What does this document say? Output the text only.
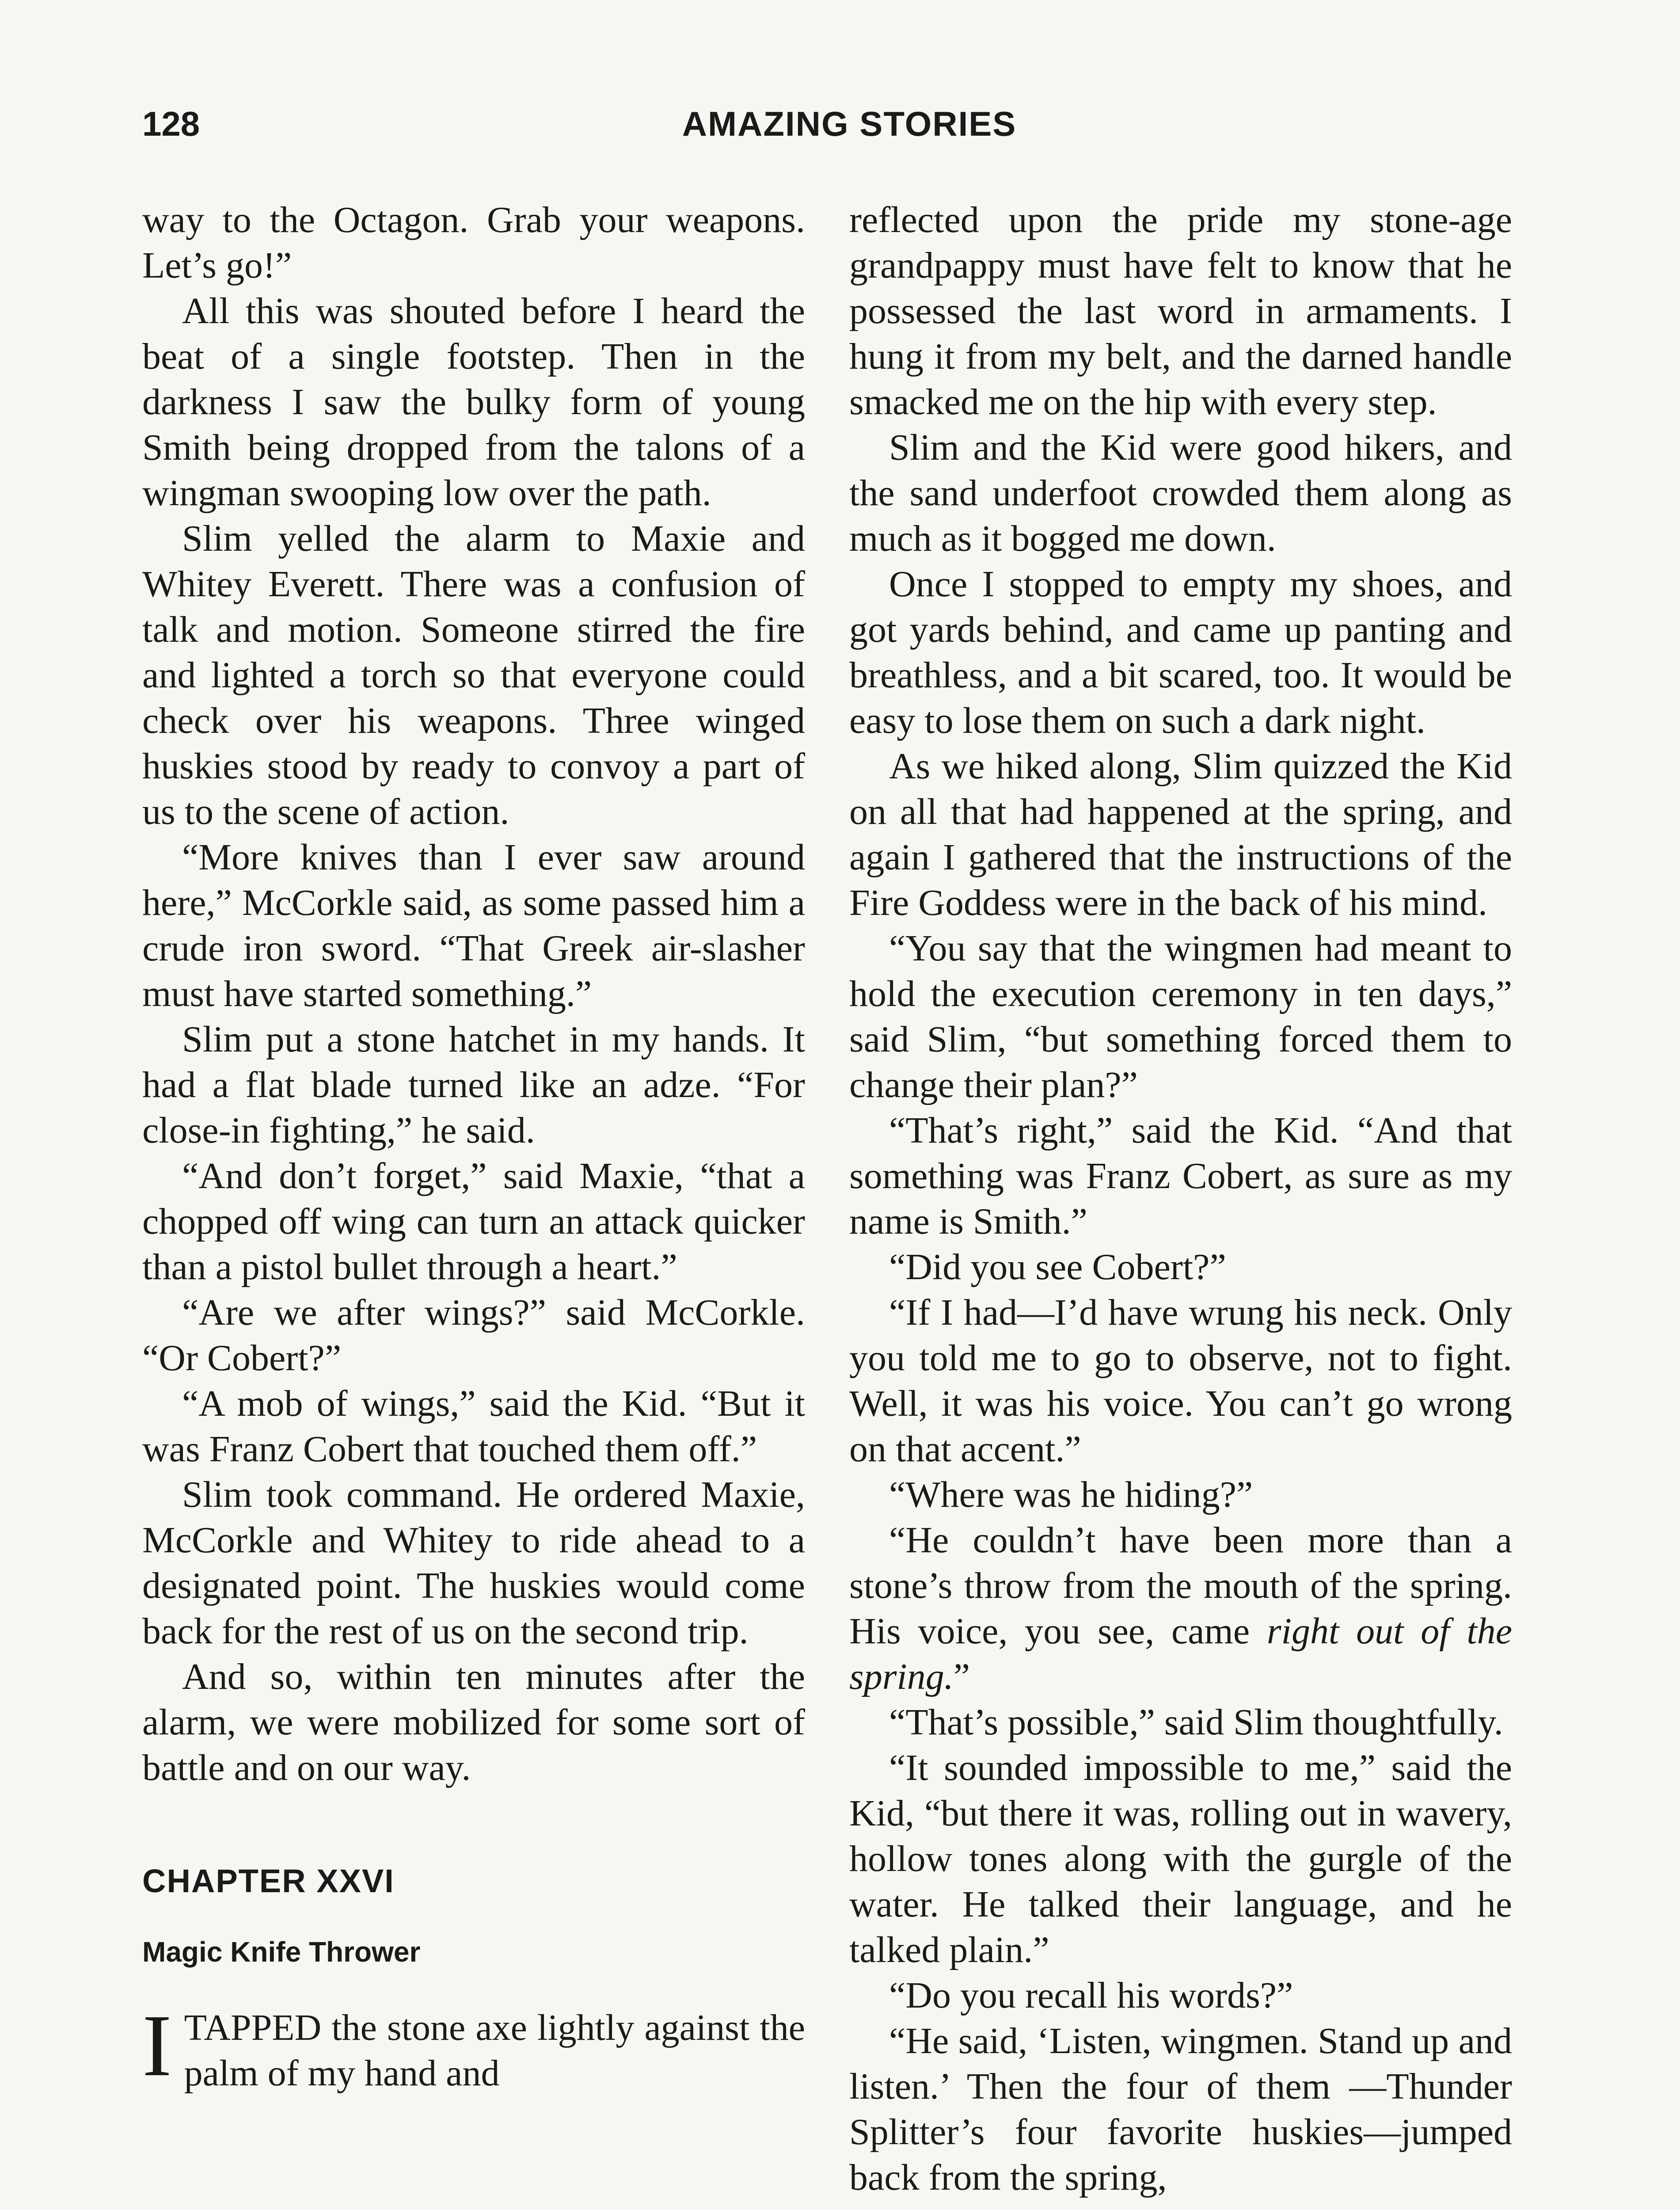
128	AMAZING STORIES

way to the Octagon. Grab your weapons. Let’s go!”

All this was shouted before I heard the beat of a single footstep. Then in the darkness I saw the bulky form of young Smith being dropped from the talons of a wingman swooping low over the path.

Slim yelled the alarm to Maxie and Whitey Everett. There was a confusion of talk and motion. Someone stirred the fire and lighted a torch so that everyone could check over his weapons. Three winged huskies stood by ready to convoy a part of us to the scene of action.

“More knives than I ever saw around here,” McCorkle said, as some passed him a crude iron sword. “That Greek air-slasher must have started something.”

Slim put a stone hatchet in my hands. It had a flat blade turned like an adze. “For close-in fighting,” he said.

“And don’t forget,” said Maxie, “that a chopped off wing can turn an attack quicker than a pistol bullet through a heart.”

“Are we after wings?” said McCorkle. “Or Cobert?”

“A mob of wings,” said the Kid. “But it was Franz Cobert that touched them off.”

Slim took command. He ordered Maxie, McCorkle and Whitey to ride ahead to a designated point. The huskies would come back for the rest of us on the second trip.

And so, within ten minutes after the alarm, we were mobilized for some sort of battle and on our way.

CHAPTER XXVI
Magic Knife Thrower

ITAPPED the stone axe lightly against the palm of my hand and

reflected upon the pride my stone-age grandpappy must have felt to know that he possessed the last word in armaments. I hung it from my belt, and the darned handle smacked me on the hip with every step.

Slim and the Kid were good hikers, and the sand underfoot crowded them along as much as it bogged me down.

Once I stopped to empty my shoes, and got yards behind, and came up panting and breathless, and a bit scared, too. It would be easy to lose them on such a dark night.

As we hiked along, Slim quizzed the Kid on all that had happened at the spring, and again I gathered that the instructions of the Fire Goddess were in the back of his mind.

“You say that the wingmen had meant to hold the execution ceremony in ten days,” said Slim, “but something forced them to change their plan?”

“That’s right,” said the Kid. “And that something was Franz Cobert, as sure as my name is Smith.”

“Did you see Cobert?”

“If I had—I’d have wrung his neck. Only you told me to go to observe, not to fight. Well, it was his voice. You can’t go wrong on that accent.”

“Where was he hiding?”

“He couldn’t have been more than a stone’s throw from the mouth of the spring. His voice, you see, came right out of the spring.”

“That’s possible,” said Slim thoughtfully.

“It sounded impossible to me,” said the Kid, “but there it was, rolling out in wavery, hollow tones along with the gurgle of the water. He talked their language, and he talked plain.”

“Do you recall his words?”

“He said, ‘Listen, wingmen. Stand up and listen.’ Then the four of them —Thunder Splitter’s four favorite huskies—jumped back from the spring,
